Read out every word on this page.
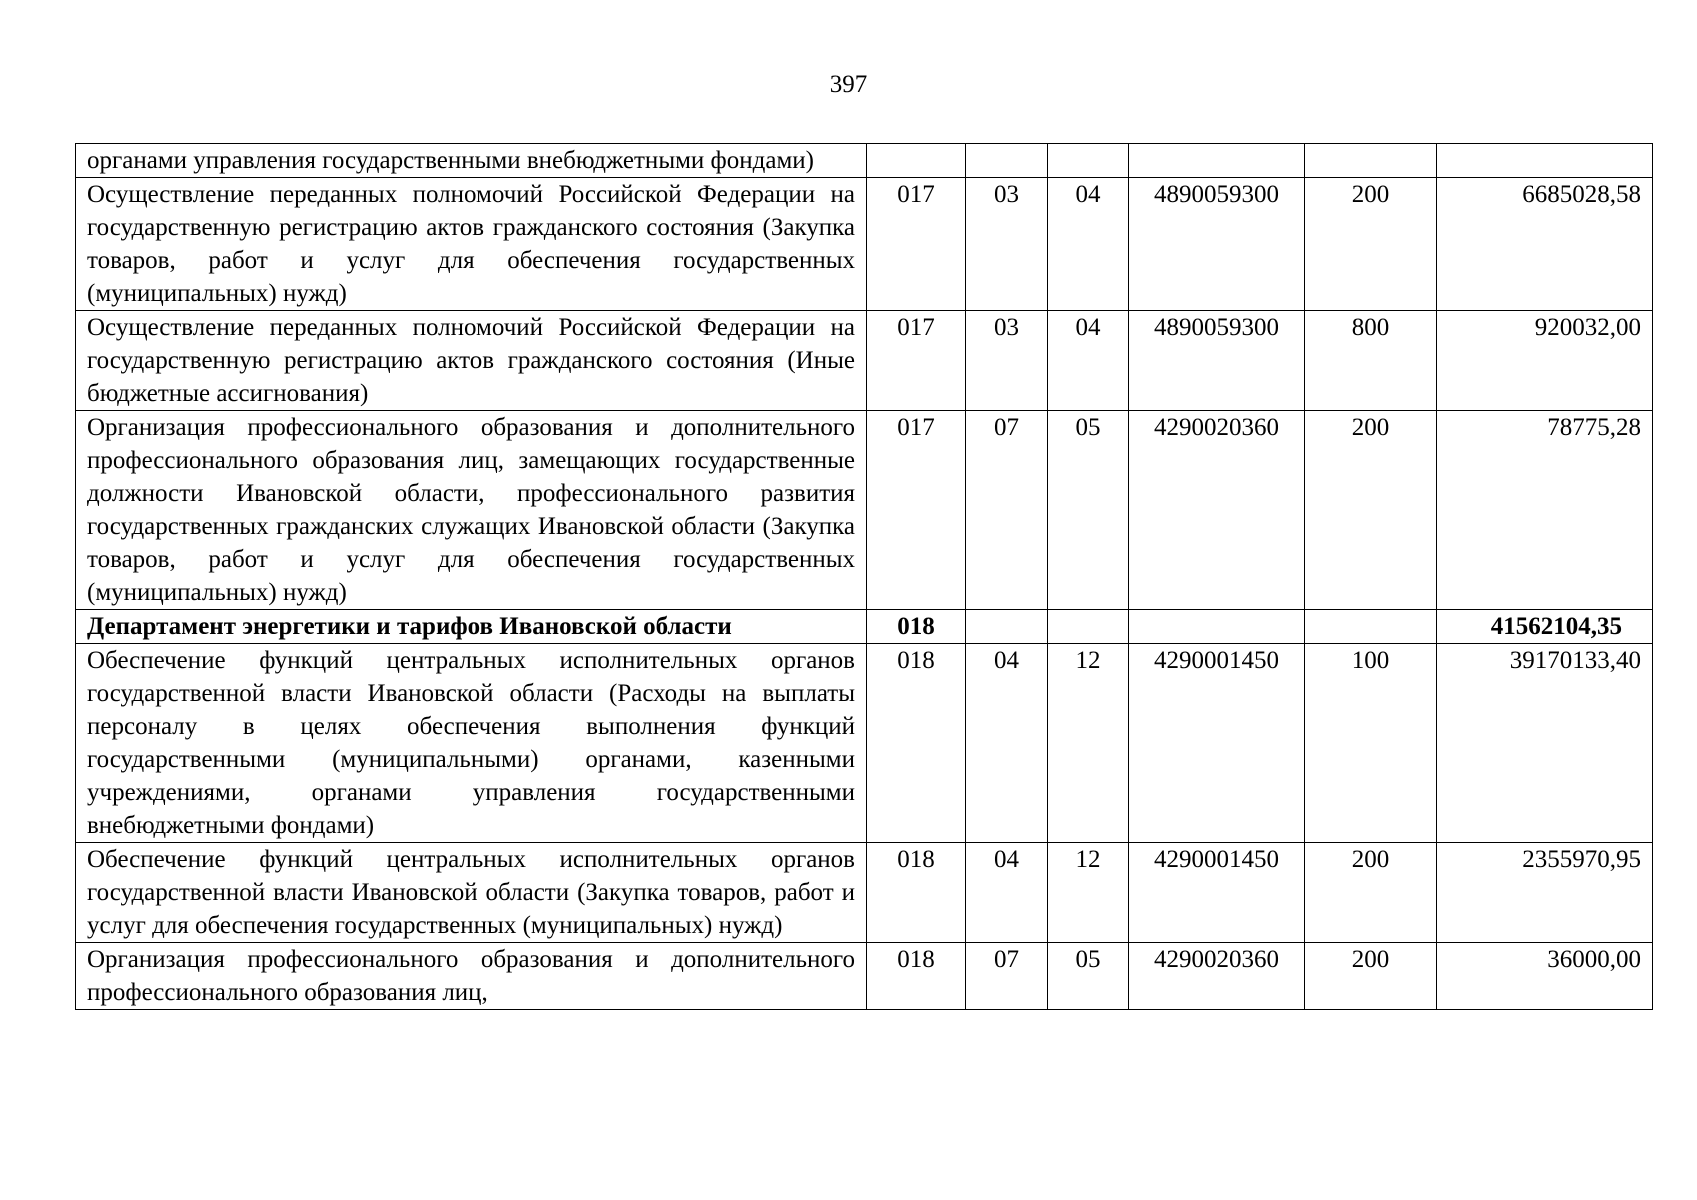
397
органами управления государственными внебюджетными фондами)						
Осуществление переданных полномочий Российской Федерации на государственную регистрацию актов гражданского состояния (Закупка товаров, работ и услуг для обеспечения государственных (муниципальных) нужд)	017	03	04	4890059300	200	6685028,58
Осуществление переданных полномочий Российской Федерации на государственную регистрацию актов гражданского состояния (Иные бюджетные ассигнования)	017	03	04	4890059300	800	920032,00
Организация профессионального образования и дополнительного профессионального образования лиц, замещающих государственные должности Ивановской области, профессионального развития государственных гражданских служащих Ивановской области (Закупка товаров, работ и услуг для обеспечения государственных (муниципальных) нужд)	017	07	05	4290020360	200	78775,28
Департамент энергетики и тарифов Ивановской области	018					41562104,35
Обеспечение функций центральных исполнительных органов государственной власти Ивановской области (Расходы на выплаты персоналу в целях обеспечения выполнения функций государственными (муниципальными) органами, казенными учреждениями, органами управления государственными внебюджетными фондами)	018	04	12	4290001450	100	39170133,40
Обеспечение функций центральных исполнительных органов государственной власти Ивановской области (Закупка товаров, работ и услуг для обеспечения государственных (муниципальных) нужд)	018	04	12	4290001450	200	2355970,95
Организация профессионального образования и дополнительного профессионального образования лиц,	018	07	05	4290020360	200	36000,00
